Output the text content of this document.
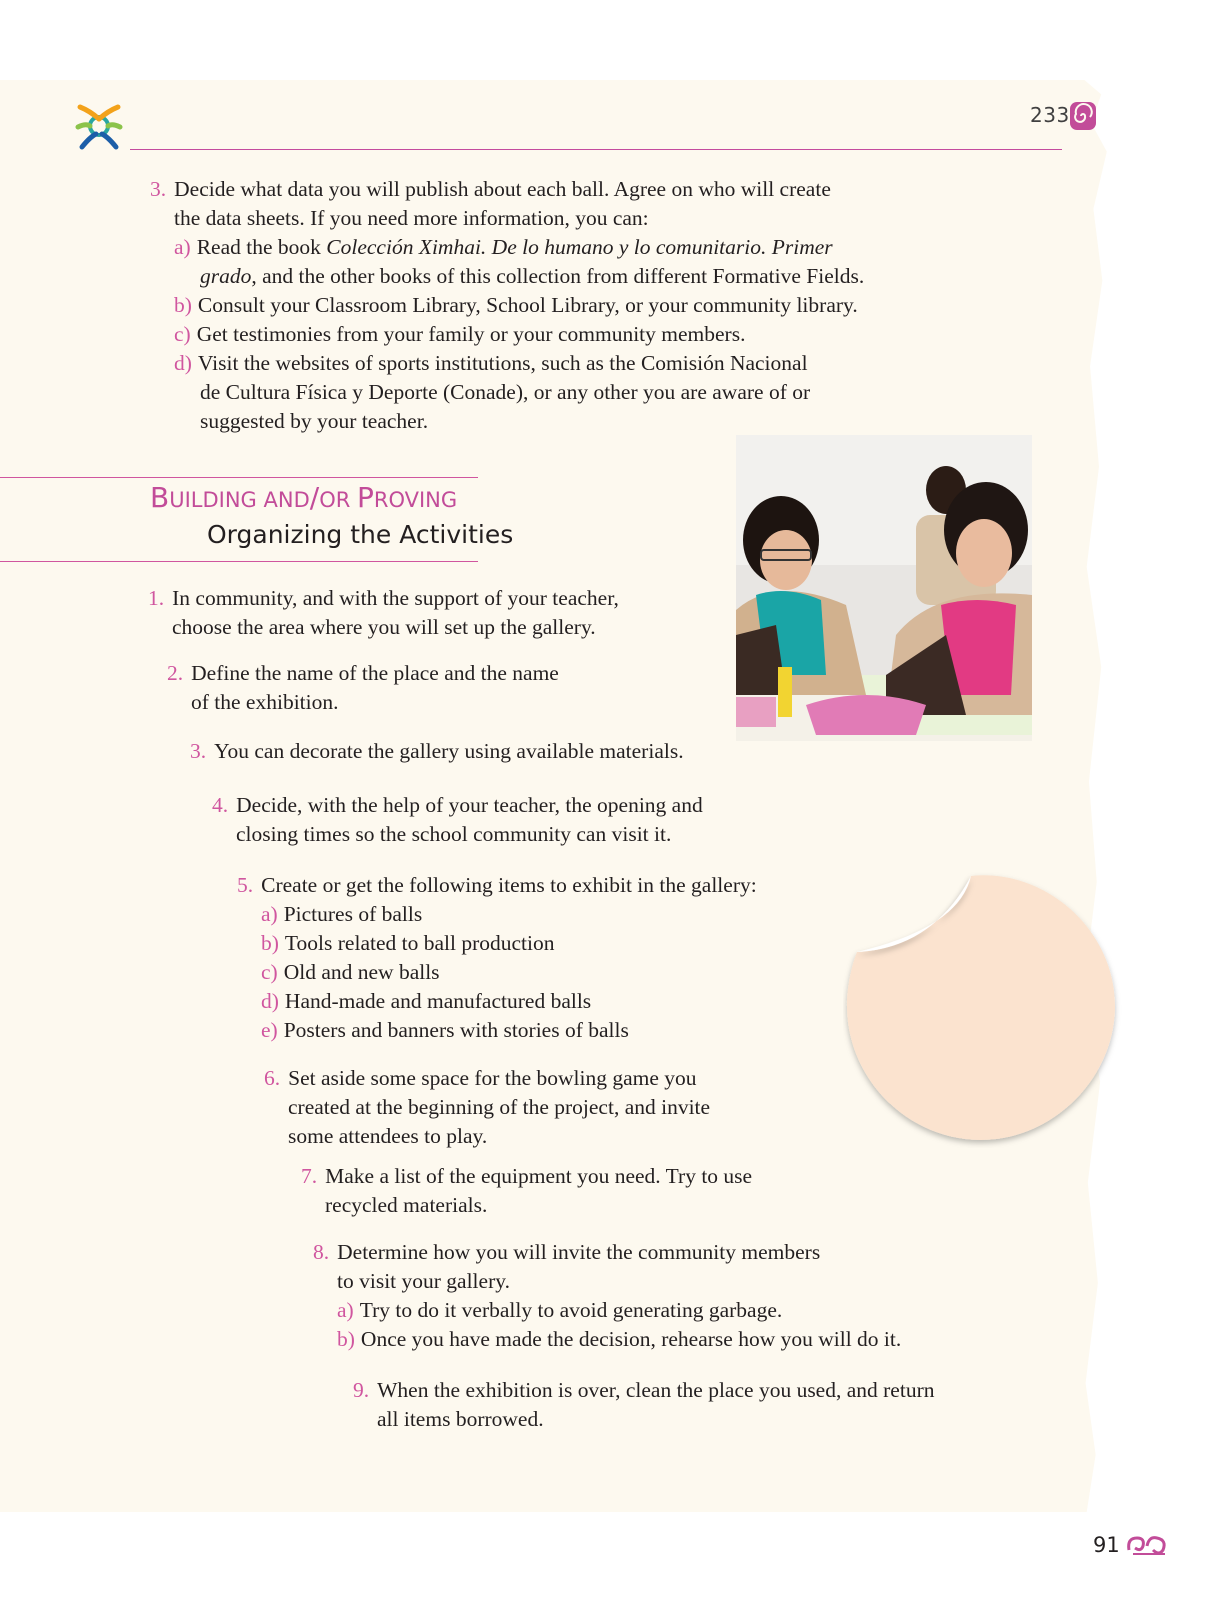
233
3. Decide what data you will publish about each ball. Agree on who will create
the data sheets. If you need more information, you can:
a) Read the book Colección Ximhai. De lo humano y lo comunitario. Primer
grado, and the other books of this collection from different Formative Fields.
b) Consult your Classroom Library, School Library, or your community library.
c) Get testimonies from your family or your community members.
d) Visit the websites of sports institutions, such as the Comisión Nacional
de Cultura Física y Deporte (Conade), or any other you are aware of or
suggested by your teacher.
BUILDING AND/OR PROVING
Organizing the Activities
1. In community, and with the support of your teacher,
choose the area where you will set up the gallery.
2. Define the name of the place and the name
of the exhibition.
3. You can decorate the gallery using available materials.
4. Decide, with the help of your teacher, the opening and
closing times so the school community can visit it.
5. Create or get the following items to exhibit in the gallery:
a) Pictures of balls
b) Tools related to ball production
c) Old and new balls
d) Hand-made and manufactured balls
e) Posters and banners with stories of balls
6. Set aside some space for the bowling game you
created at the beginning of the project, and invite
some attendees to play.
7. Make a list of the equipment you need. Try to use
recycled materials.
8. Determine how you will invite the community members
to visit your gallery.
a) Try to do it verbally to avoid generating garbage.
b) Once you have made the decision, rehearse how you will do it.
9. When the exhibition is over, clean the place you used, and return
all items borrowed.
91
